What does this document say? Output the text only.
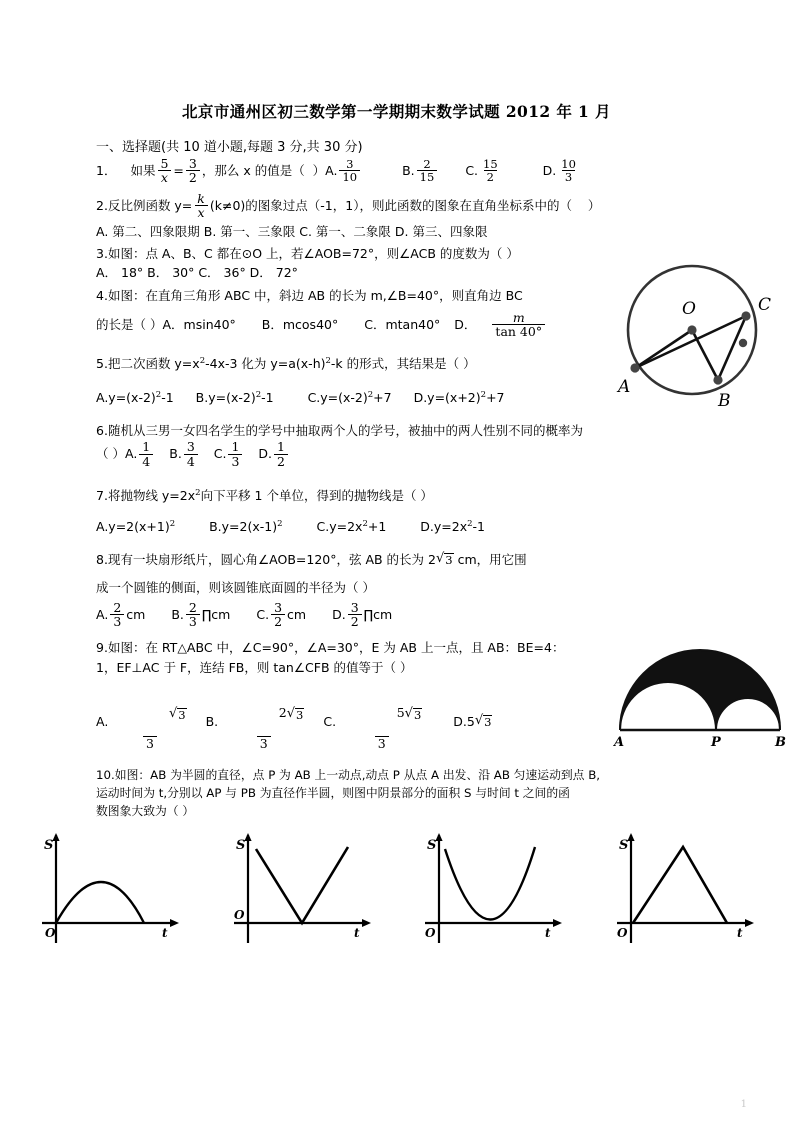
北京市通州区初三数学第一学期期末数学试题 2012 年 1 月
一、选择题(共 10 道小题,每题 3 分,共 30 分)
1． 如果 $\frac{5}{x} = \frac{3}{2}$ ，那么 x 的值是（  ） A. $\frac{3}{10}$	B. $\frac{2}{15} C$. $\frac{15}{2}$	D. $\frac{10}{3}$
2. 反比例函数 $y= \frac{k}{x} (k\ne 0)$的图象过点（-1，1），则此函数的图象在直角坐标系中的（    ）
A. 第二、四象限期 B. 第一、三象限 C. 第一、二象限 D. 第三、四象限
3.如图：点 A、B、C 都在⊙O 上，若∠AOB=72°，则∠ACB 的度数为（ ）
A． 18° B． 30° C． 36° D． 72°
4.如图：在直角三角形 ABC 中，斜边 AB 的长为 m,∠B=40°，则直角边 BC
的长是（ ） A．msin40° B．mcos40° C．mtan40° D． $\frac{m}{\tan 40^\circ}$
5.把二次函数 $y=x^2-4x-3$ 化为 $y=a(x-h)^2-k$ 的形式，其结果是（ ）
$A.y=(x-2)^2-1$ $B.y=(x-2)^2-1$	$C.y=(x-2)^2+7$ $D.y=(x+2)^2+7$
6.随机从三男一女四名学生的学号中抽取两个人的学号，被抽中的两人性别不同的概率为
（ ） A. $\frac{1}{4} B$. $\frac{3}{4} C$. $\frac{1}{3} D$. $\frac{1}{2}$
7.将抛物线 $y=2x^2$向下平移 1 个单位，得到的抛物线是（ ）
$A.y=2(x+1)^2$	$B.y=2(x-1)^2$	$C.y=2x^2+1$	$D.y=2x^2-1$
8. 现有一块扇形纸片，圆心角∠AOB=120°，弦 AB 的长为 2 √ 3 cm，用它围
成一个圆锥的侧面，则该圆锥底面圆的半径为（ ）
A. $\frac{2}{3}$ cm B. $\frac{2}{3}$ ∏cm C. $\frac{3}{2}$ cm D. $\frac{3}{2}$ ∏cm
9.如图：在 RT△ABC 中，∠C=90°，∠A=30°，E 为 AB 上一点，且 AB：BE=4：
1，EF⊥AC 于 F，连结 FB，则 tan∠CFB 的值等于（ ）
A.

$\frac{√ 3}{3} B$. $\frac{2 √ 3}{3} C$. $\frac{5 √ 3}{3} D.5$ √ 3
10.如图：AB 为半圆的直径，点 P 为 AB 上一动点,动点 P 从点 A 出发、沿 AB 匀速运动到点 B,
运动时间为 t,分别以 AP 与 PB 为直径作半圆，则图中阴景部分的面积 S 与时间 t 之间的函
数图象大致为（ ）
S
O	t
S
O
t
S
O	t
S
O	t
O
A
B
C
A	P	B
1
